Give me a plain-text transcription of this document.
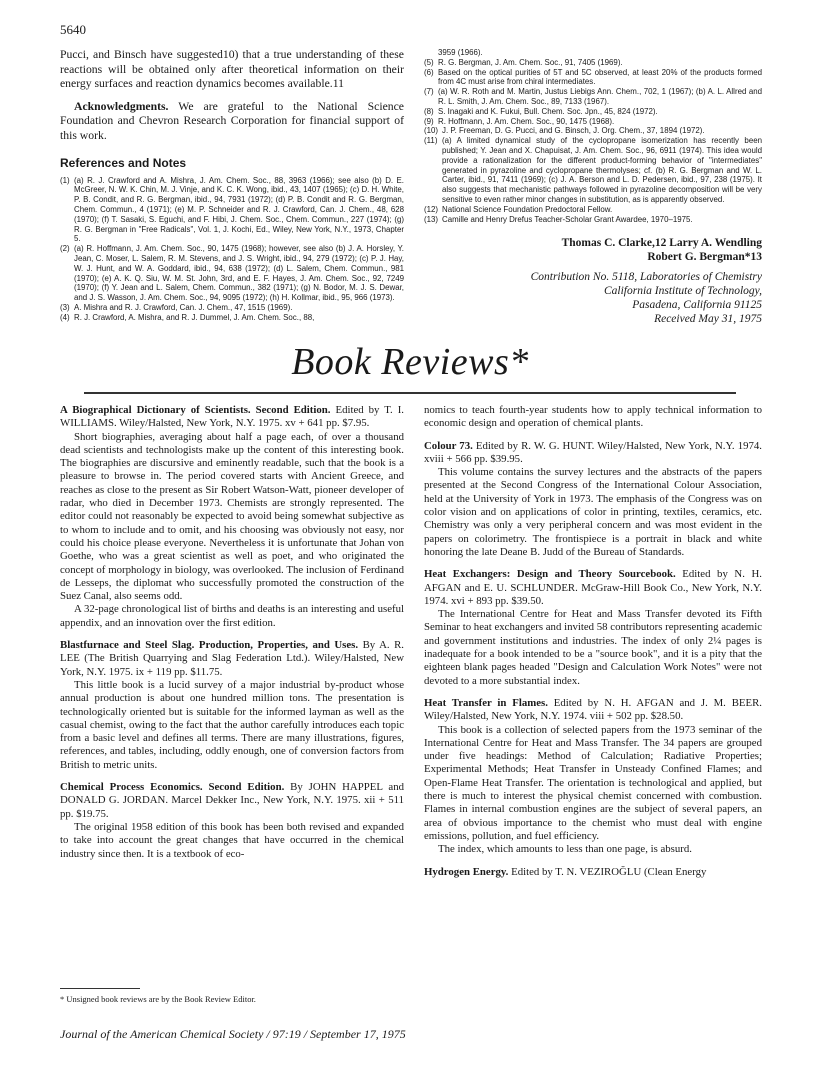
5640

Pucci, and Binsch have suggested10) that a true understanding of these reactions will be obtained only after theoretical information on their energy surfaces and reaction dynamics becomes available.11

Acknowledgments. We are grateful to the National Science Foundation and Chevron Research Corporation for financial support of this work.

References and Notes
(1) (a) R. J. Crawford and A. Mishra, J. Am. Chem. Soc., 88, 3963 (1966); see also (b) D. E. McGreer, N. W. K. Chin, M. J. Vinje, and K. C. K. Wong, ibid., 43, 1407 (1965); (c) D. H. White, P. B. Condit, and R. G. Bergman, ibid., 94, 7931 (1972); (d) P. B. Condit and R. G. Bergman, Chem. Commun., 4 (1971); (e) M. P. Schneider and R. J. Crawford, Can. J. Chem., 48, 628 (1970); (f) T. Sasaki, S. Eguchi, and F. Hibi, J. Chem. Soc., Chem. Commun., 227 (1974); (g) R. G. Bergman in "Free Radicals", Vol. 1, J. Kochi, Ed., Wiley, New York, N.Y., 1973, Chapter 5.
(2) (a) R. Hoffmann, J. Am. Chem. Soc., 90, 1475 (1968); however, see also (b) J. A. Horsley, Y. Jean, C. Moser, L. Salem, R. M. Stevens, and J. S. Wright, ibid., 94, 279 (1972); (c) P. J. Hay, W. J. Hunt, and W. A. Goddard, ibid., 94, 638 (1972); (d) L. Salem, Chem. Commun., 981 (1970); (e) A. K. Q. Siu, W. M. St. John, 3rd, and E. F. Hayes, J. Am. Chem. Soc., 92, 7249 (1970); (f) Y. Jean and L. Salem, Chem. Commun., 382 (1971); (g) N. Bodor, M. J. S. Dewar, and J. S. Wasson, J. Am. Chem. Soc., 94, 9095 (1972); (h) H. Kollmar, ibid., 95, 966 (1973).
(3) A. Mishra and R. J. Crawford, Can. J. Chem., 47, 1515 (1969).
(4) R. J. Crawford, A. Mishra, and R. J. Dummel, J. Am. Chem. Soc., 88,
3959 (1966).
(5) R. G. Bergman, J. Am. Chem. Soc., 91, 7405 (1969).
(6) Based on the optical purities of 5T and 5C observed, at least 20% of the products formed from 4C must arise from chiral intermediates.
(7) (a) W. R. Roth and M. Martin, Justus Liebigs Ann. Chem., 702, 1 (1967); (b) A. L. Allred and R. L. Smith, J. Am. Chem. Soc., 89, 7133 (1967).
(8) S. Inagaki and K. Fukui, Bull. Chem. Soc. Jpn., 45, 824 (1972).
(9) R. Hoffmann, J. Am. Chem. Soc., 90, 1475 (1968).
(10) J. P. Freeman, D. G. Pucci, and G. Binsch, J. Org. Chem., 37, 1894 (1972).
(11) (a) A limited dynamical study of the cyclopropane isomerization has recently been published; Y. Jean and X. Chapuisat, J. Am. Chem. Soc., 96, 6911 (1974). This idea would provide a rationalization for the different product-forming behavior of "intermediates" generated in pyrazoline and cyclopropane thermolyses; cf. (b) R. G. Bergman and W. L. Carter, ibid., 91, 7411 (1969); (c) J. A. Berson and L. D. Pedersen, ibid., 97, 238 (1975). It also suggests that mechanistic pathways followed in pyrazoline decomposition will be very sensitive to even rather minor changes in substitution, as is apparently observed.
(12) National Science Foundation Predoctoral Fellow.
(13) Camille and Henry Drefus Teacher-Scholar Grant Awardee, 1970–1975.
Thomas C. Clarke,12 Larry A. Wendling
Robert G. Bergman*13
Contribution No. 5118, Laboratories of Chemistry
California Institute of Technology,
Pasadena, California 91125
Received May 31, 1975
Book Reviews*

A Biographical Dictionary of Scientists. Second Edition. Edited by T. I. WILLIAMS. Wiley/Halsted, New York, N.Y. 1975. xv + 641 pp. $7.95.

Short biographies, averaging about half a page each, of over a thousand dead scientists and technologists make up the content of this interesting book. The biographies are discursive and eminently readable, such that the book is a pleasure to browse in. The period covered starts with Ancient Greece, and reaches as close to the present as Sir Robert Watson-Watt, pioneer developer of radar, who died in December 1973. Chemists are strongly represented. The editor could not reasonably be expected to avoid being somewhat subjective as to whom to include and to omit, and his choosing was obviously not easy, nor could his choice please everyone. Nevertheless it is unfortunate that Johan von Goethe, who was a great scientist as well as poet, and who originated the concept of morphology in biology, was overlooked. The inclusion of Ferdinand de Lesseps, the diplomat who successfully promoted the construction of the Suez Canal, also seems odd.

A 32-page chronological list of births and deaths is an interesting and useful appendix, and an innovation over the first edition.

Blastfurnace and Steel Slag. Production, Properties, and Uses. By A. R. LEE (The British Quarrying and Slag Federation Ltd.). Wiley/Halsted, New York, N.Y. 1975. ix + 119 pp. $11.75.

This little book is a lucid survey of a major industrial by-product whose annual production is about one hundred million tons. The presentation is technologically oriented but is suitable for the informed layman as well as the casual chemist, owing to the fact that the author carefully introduces each topic from a basic level and defines all terms. There are many illustrations, figures, references, and tables, including, oddly enough, one of conversion factors from British to metric units.

Chemical Process Economics. Second Edition. By JOHN HAPPEL and DONALD G. JORDAN. Marcel Dekker Inc., New York, N.Y. 1975. xii + 511 pp. $19.75.

The original 1958 edition of this book has been both revised and expanded to take into account the great changes that have occurred in the chemical industry since then. It is a textbook of eco-

nomics to teach fourth-year students how to apply technical information to economic design and operation of chemical plants.

Colour 73. Edited by R. W. G. HUNT. Wiley/Halsted, New York, N.Y. 1974. xviii + 566 pp. $39.95.

This volume contains the survey lectures and the abstracts of the papers presented at the Second Congress of the International Colour Association, held at the University of York in 1973. The emphasis of the Congress was on color vision and on applications of color in printing, textiles, ceramics, etc. Chemistry was only a very peripheral concern and was most evident in the papers on colorimetry. The frontispiece is a portrait in black and white honoring the late Deane B. Judd of the Bureau of Standards.

Heat Exchangers: Design and Theory Sourcebook. Edited by N. H. AFGAN and E. U. SCHLUNDER. McGraw-Hill Book Co., New York, N.Y. 1974. xvi + 893 pp. $39.50.

The International Centre for Heat and Mass Transfer devoted its Fifth Seminar to heat exchangers and invited 58 contributors representing academic and government institutions and industries. The index of only 2¼ pages is inadequate for a book intended to be a "source book", and it is a pity that the eighteen blank pages headed "Design and Calculation Work Notes" were not devoted to a more substantial index.

Heat Transfer in Flames. Edited by N. H. AFGAN and J. M. BEER. Wiley/Halsted, New York, N.Y. 1974. viii + 502 pp. $28.50.

This book is a collection of selected papers from the 1973 seminar of the International Centre for Heat and Mass Transfer. The 34 papers are grouped under five headings: Method of Calculation; Radiative Properties; Experimental Methods; Heat Transfer in Unsteady Confined Flames; and Open-Flame Heat Transfer. The orientation is technological and applied, but there is much to interest the physical chemist concerned with combustion. Flames in internal combustion engines are the subject of several papers, an area of obvious importance to the chemist who must deal with engine emissions, pollution, and fuel efficiency.

The index, which amounts to less than one page, is absurd.

Hydrogen Energy. Edited by T. N. VEZIROĞLU (Clean Energy

* Unsigned book reviews are by the Book Review Editor.
Journal of the American Chemical Society / 97:19 / September 17, 1975
